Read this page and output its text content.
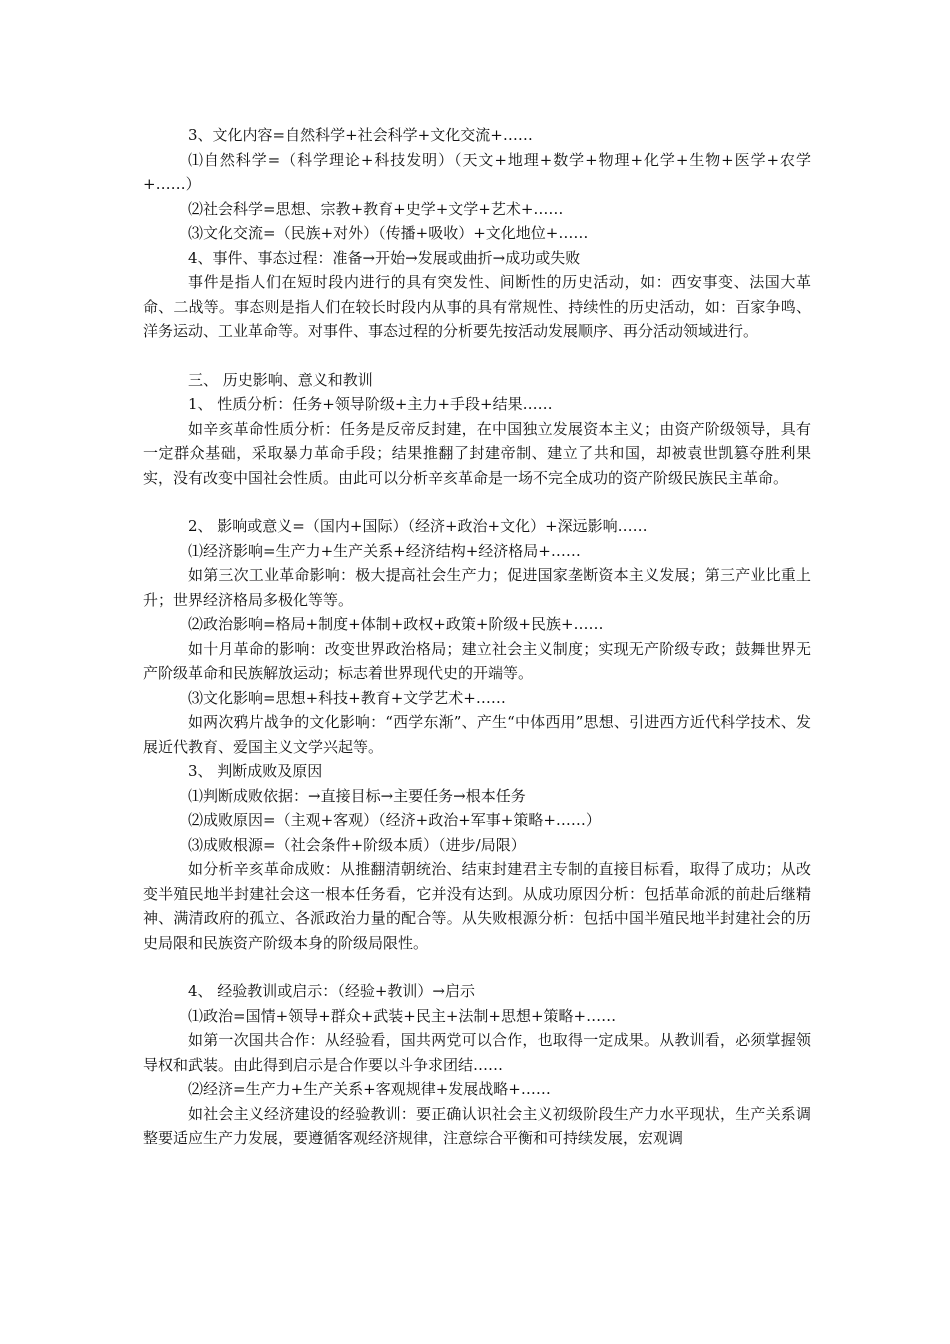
3、文化内容=自然科学+社会科学+文化交流+……

⑴自然科学=（科学理论+科技发明）（天文+地理+数学+物理+化学+生物+医学+农学+……）

⑵社会科学=思想、宗教+教育+史学+文学+艺术+……

⑶文化交流=（民族+对外）（传播+吸收）+文化地位+……

4、事件、事态过程：准备→开始→发展或曲折→成功或失败

事件是指人们在短时段内进行的具有突发性、间断性的历史活动，如：西安事变、法国大革命、二战等。事态则是指人们在较长时段内从事的具有常规性、持续性的历史活动，如：百家争鸣、洋务运动、工业革命等。对事件、事态过程的分析要先按活动发展顺序、再分活动领域进行。

三、 历史影响、意义和教训

1、 性质分析：任务+领导阶级+主力+手段+结果……

如辛亥革命性质分析：任务是反帝反封建，在中国独立发展资本主义；由资产阶级领导，具有一定群众基础，采取暴力革命手段；结果推翻了封建帝制、建立了共和国，却被袁世凯篡夺胜利果实，没有改变中国社会性质。由此可以分析辛亥革命是一场不完全成功的资产阶级民族民主革命。

2、 影响或意义=（国内+国际）（经济+政治+文化）+深远影响……

⑴经济影响=生产力+生产关系+经济结构+经济格局+……

如第三次工业革命影响：极大提高社会生产力；促进国家垄断资本主义发展；第三产业比重上升；世界经济格局多极化等等。

⑵政治影响=格局+制度+体制+政权+政策+阶级+民族+……

如十月革命的影响：改变世界政治格局；建立社会主义制度；实现无产阶级专政；鼓舞世界无产阶级革命和民族解放运动；标志着世界现代史的开端等。

⑶文化影响=思想+科技+教育+文学艺术+……

如两次鸦片战争的文化影响：“西学东渐”、产生“中体西用”思想、引进西方近代科学技术、发展近代教育、爱国主义文学兴起等。

3、 判断成败及原因

⑴判断成败依据：→直接目标→主要任务→根本任务

⑵成败原因=（主观+客观）（经济+政治+军事+策略+……）

⑶成败根源=（社会条件+阶级本质）（进步/局限）

如分析辛亥革命成败：从推翻清朝统治、结束封建君主专制的直接目标看，取得了成功；从改变半殖民地半封建社会这一根本任务看，它并没有达到。从成功原因分析：包括革命派的前赴后继精神、满清政府的孤立、各派政治力量的配合等。从失败根源分析：包括中国半殖民地半封建社会的历史局限和民族资产阶级本身的阶级局限性。

4、 经验教训或启示：（经验+教训）→启示

⑴政治=国情+领导+群众+武装+民主+法制+思想+策略+……

如第一次国共合作：从经验看，国共两党可以合作，也取得一定成果。从教训看，必须掌握领导权和武装。由此得到启示是合作要以斗争求团结……

⑵经济=生产力+生产关系+客观规律+发展战略+……

如社会主义经济建设的经验教训：要正确认识社会主义初级阶段生产力水平现状，生产关系调整要适应生产力发展，要遵循客观经济规律，注意综合平衡和可持续发展，宏观调
